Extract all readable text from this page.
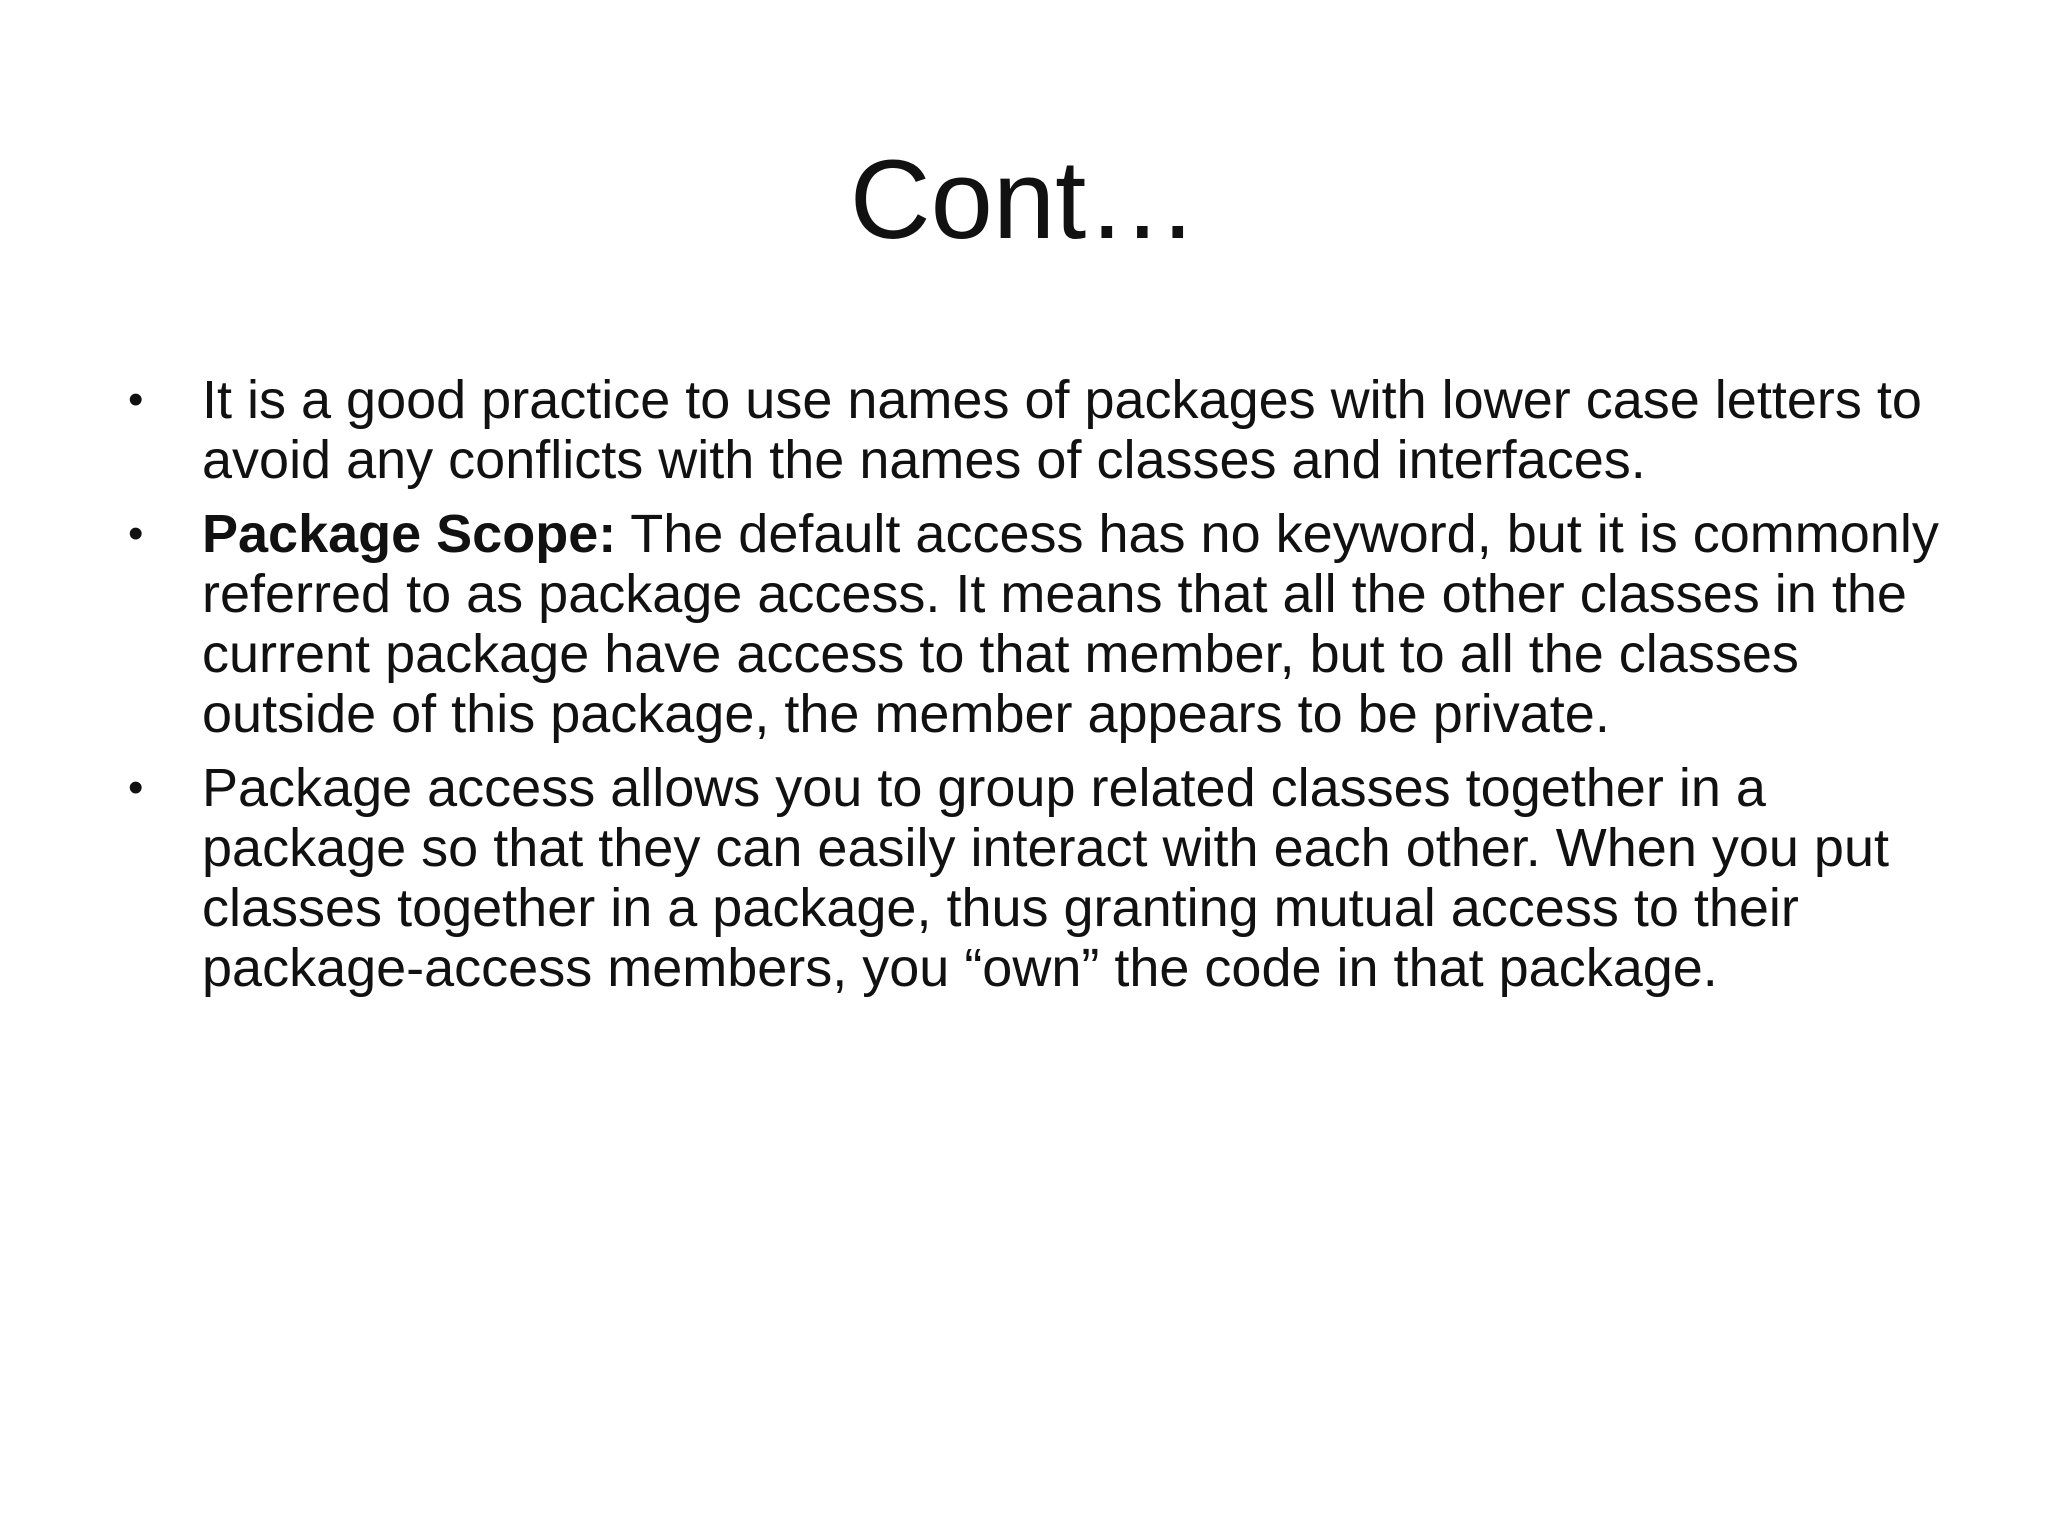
Cont…
• It is a good practice to use names of packages with lower case letters to avoid any conflicts with the names of classes and interfaces.
• Package Scope: The default access has no keyword, but it is commonly referred to as package access. It means that all the other classes in the current package have access to that member, but to all the classes outside of this package, the member appears to be private.
• Package access allows you to group related classes together in a package so that they can easily interact with each other. When you put classes together in a package, thus granting mutual access to their package-access members, you “own” the code in that package.
